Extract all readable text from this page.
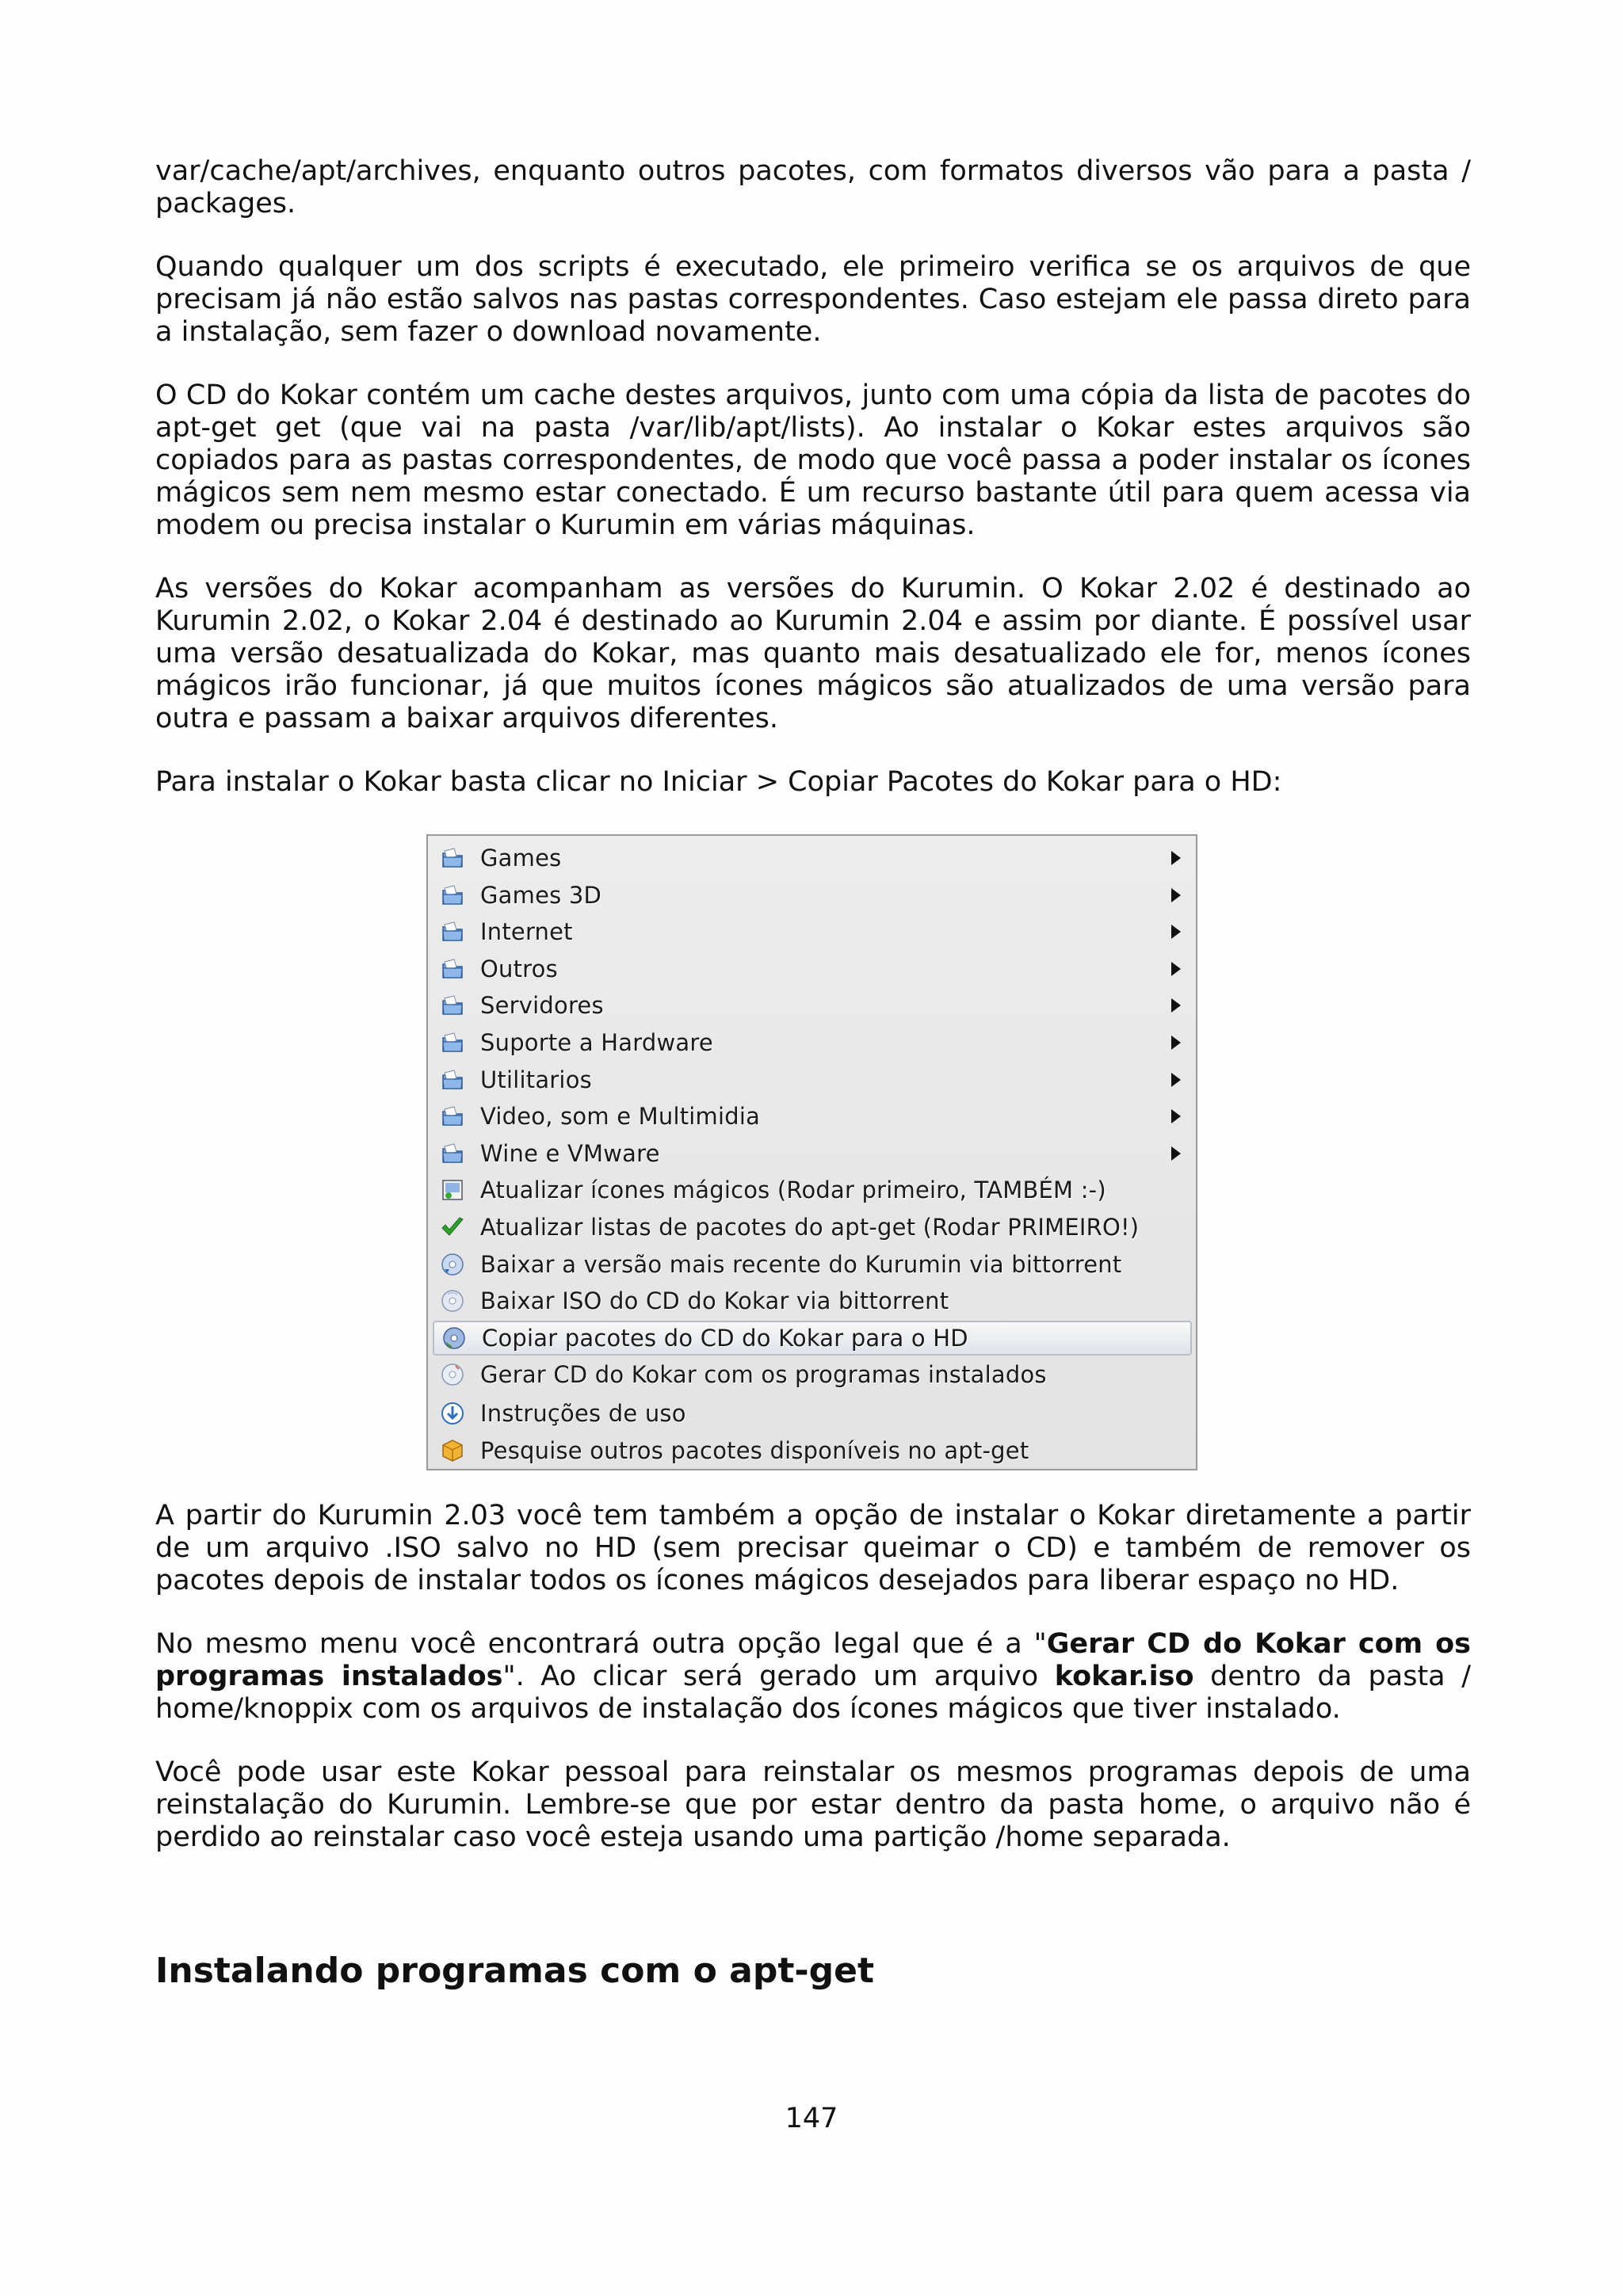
var/cache/apt/archives, enquanto outros pacotes, com formatos diversos vão para a pasta / packages.

Quando qualquer um dos scripts é executado, ele primeiro verifica se os arquivos de que precisam já não estão salvos nas pastas correspondentes. Caso estejam ele passa direto para a instalação, sem fazer o download novamente.

O CD do Kokar contém um cache destes arquivos, junto com uma cópia da lista de pacotes do apt-get get (que vai na pasta /var/lib/apt/lists). Ao instalar o Kokar estes arquivos são copiados para as pastas correspondentes, de modo que você passa a poder instalar os ícones mágicos sem nem mesmo estar conectado. É um recurso bastante útil para quem acessa via modem ou precisa instalar o Kurumin em várias máquinas.

As versões do Kokar acompanham as versões do Kurumin. O Kokar 2.02 é destinado ao Kurumin 2.02, o Kokar 2.04 é destinado ao Kurumin 2.04 e assim por diante. É possível usar uma versão desatualizada do Kokar, mas quanto mais desatualizado ele for, menos ícones mágicos irão funcionar, já que muitos ícones mágicos são atualizados de uma versão para outra e passam a baixar arquivos diferentes.

Para instalar o Kokar basta clicar no Iniciar > Copiar Pacotes do Kokar para o HD:

Games
Games 3D
Internet
Outros
Servidores
Suporte a Hardware
Utilitarios
Video, som e Multimidia
Wine e VMware
Atualizar ícones mágicos (Rodar primeiro, TAMBÉM :-)
Atualizar listas de pacotes do apt-get (Rodar PRIMEIRO!)
Baixar a versão mais recente do Kurumin via bittorrent
Baixar ISO do CD do Kokar via bittorrent
Copiar pacotes do CD do Kokar para o HD
Gerar CD do Kokar com os programas instalados
Instruções de uso
Pesquise outros pacotes disponíveis no apt-get

A partir do Kurumin 2.03 você tem também a opção de instalar o Kokar diretamente a partir de um arquivo .ISO salvo no HD (sem precisar queimar o CD) e também de remover os pacotes depois de instalar todos os ícones mágicos desejados para liberar espaço no HD.

No mesmo menu você encontrará outra opção legal que é a "Gerar CD do Kokar com os programas instalados". Ao clicar será gerado um arquivo kokar.iso dentro da pasta / home/knoppix com os arquivos de instalação dos ícones mágicos que tiver instalado.

Você pode usar este Kokar pessoal para reinstalar os mesmos programas depois de uma reinstalação do Kurumin. Lembre-se que por estar dentro da pasta home, o arquivo não é perdido ao reinstalar caso você esteja usando uma partição /home separada.

Instalando programas com o apt-get
147
